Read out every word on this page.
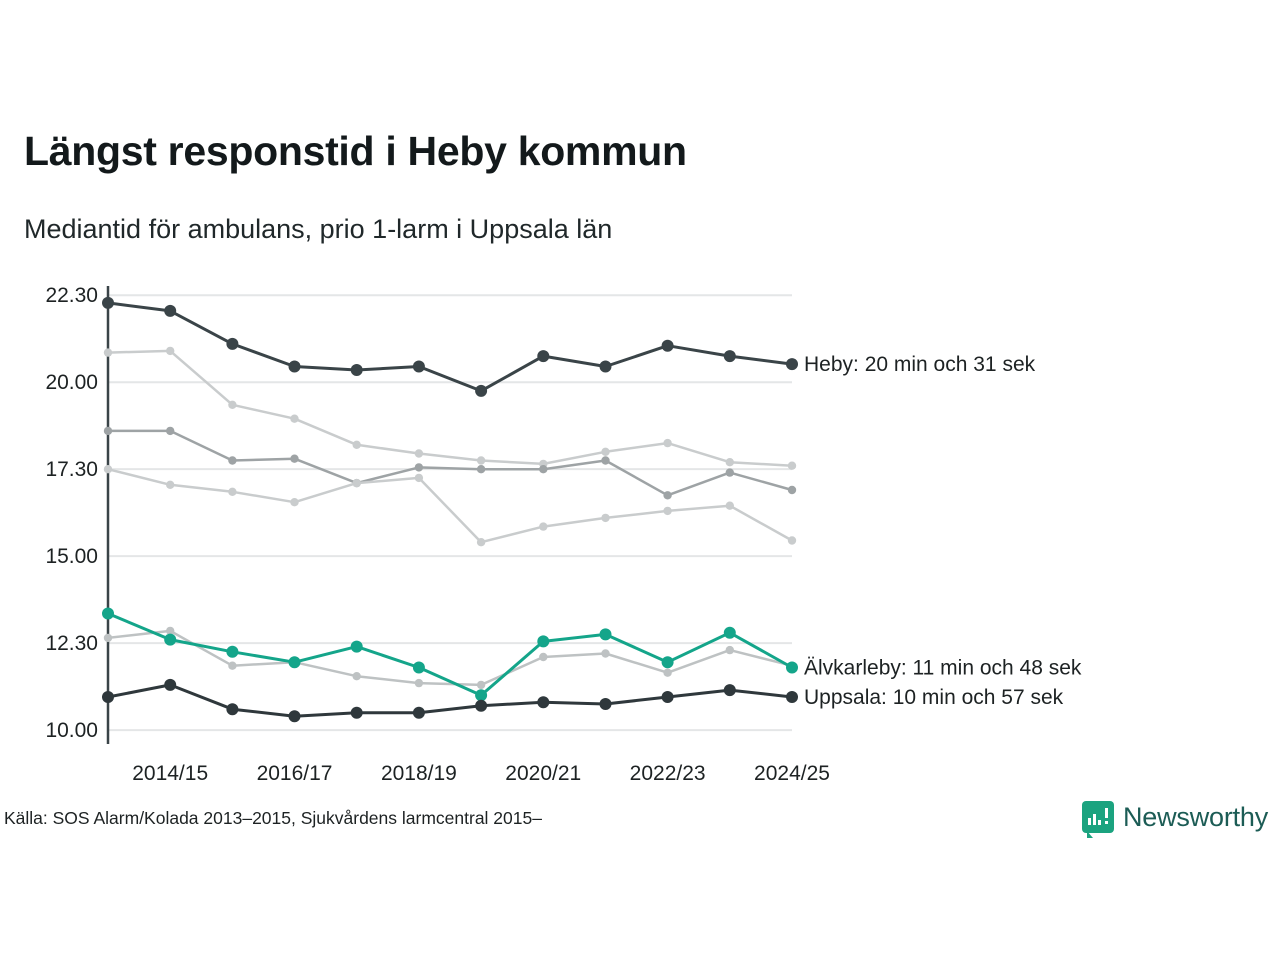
Längst responstid i Heby kommun
Mediantid för ambulans, prio 1-larm i Uppsala län
10.00
12.30
15.00
17.30
20.00
22.30
2014/15 2016/17 2018/19 2020/21 2022/23 2024/25
Heby: 20 min och 31 sek
Älvkarleby: 11 min och 48 sek
Uppsala: 10 min och 57 sek
Källa: SOS Alarm/Kolada 2013–2015, Sjukvårdens larmcentral 2015–	Newsworthy
